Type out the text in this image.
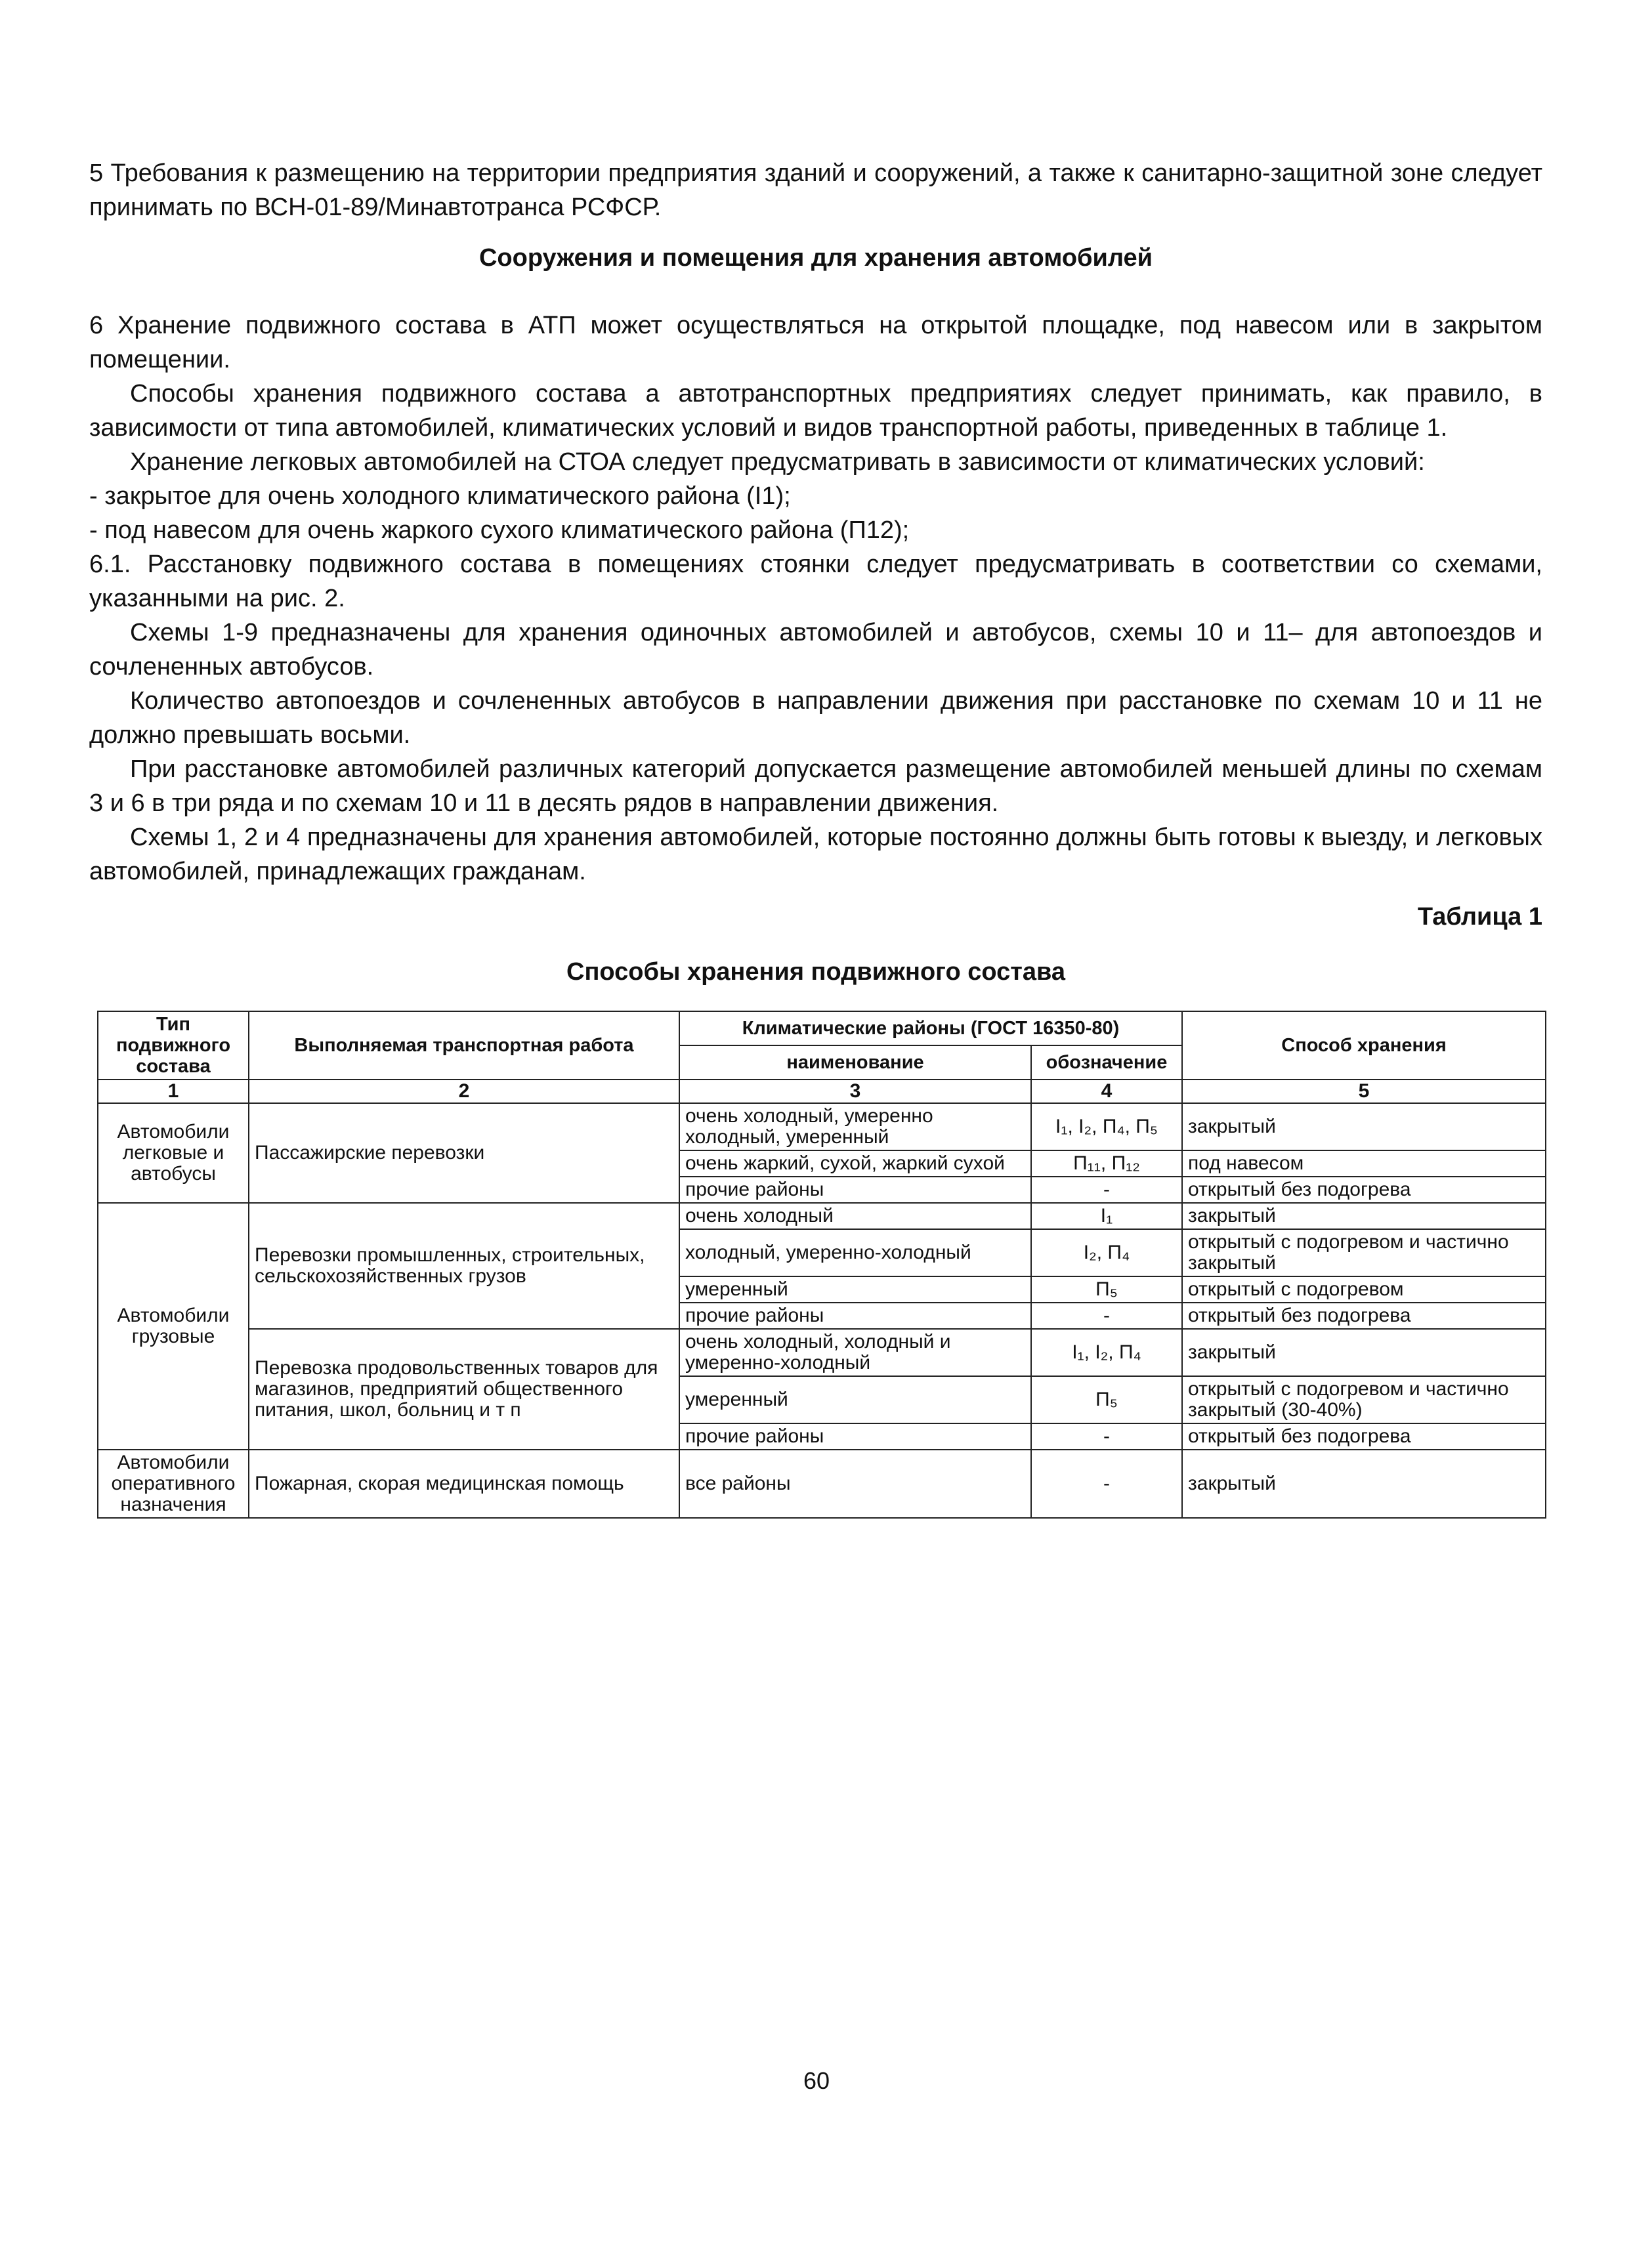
5 Требования к размещению на территории предприятия зданий и сооружений, а также к санитарно-защитной зоне следует принимать по ВСН-01-89/Минавтотранса РСФСР.

Сооружения и помещения для хранения автомобилей

6 Хранение подвижного состава в АТП может осуществляться на открытой площадке, под навесом или в закрытом помещении.

Способы хранения подвижного состава а автотранспортных предприятиях следует принимать, как правило, в зависимости от типа автомобилей, климатических условий и видов транспортной работы, приведенных в таблице 1.

Хранение легковых автомобилей на СТОА следует предусматривать в зависимости от климатических условий:

- закрытое для очень холодного климатического района (I1);

- под навесом для очень жаркого сухого климатического района (П12);

6.1. Расстановку подвижного состава в помещениях стоянки следует предусматривать в соответствии со схемами, указанными на рис. 2.

Схемы 1-9 предназначены для хранения одиночных автомобилей и автобусов, схемы 10 и 11– для автопоездов и сочлененных автобусов.

Количество автопоездов и сочлененных автобусов в направлении движения при расстановке по схемам 10 и 11 не должно превышать восьми.

При расстановке автомобилей различных категорий допускается размещение автомобилей меньшей длины по схемам 3 и 6 в три ряда и по схемам 10 и 11 в десять рядов в направлении движения.

Схемы 1, 2 и 4 предназначены для хранения автомобилей, которые постоянно должны быть готовы к выезду, и легковых автомобилей, принадлежащих гражданам.

Таблица 1
Способы хранения подвижного состава
Тип подвижного состава	Выполняемая транспортная работа	Климатические районы (ГОСТ 16350-80)		Способ хранения
		наименование	обозначение	
1	2	3	4	5
Автомобили легковые и автобусы	Пассажирские перевозки	очень холодный, умеренно холодный, умеренный	I₁, I₂, П₄, П₅	закрытый
		очень жаркий, сухой, жаркий сухой	П₁₁, П₁₂	под навесом
		прочие районы	-	открытый без подогрева
Автомобили грузовые	Перевозки промышленных, строительных, сельскохозяйственных грузов	очень холодный	I₁	закрытый
		холодный, умеренно-холодный	I₂, П₄	открытый с подогревом и частично закрытый
		умеренный	П₅	открытый с подогревом
		прочие районы	-	открытый без подогрева
	Перевозка продовольственных товаров для магазинов, предприятий общественного питания, школ, больниц и т п	очень холодный, холодный и умеренно-холодный	I₁, I₂, П₄	закрытый
		умеренный	П₅	открытый с подогревом и частично закрытый (30-40%)
		прочие районы	-	открытый без подогрева
Автомобили оперативного назначения	Пожарная, скорая медицинская помощь	все районы	-	закрытый
60
